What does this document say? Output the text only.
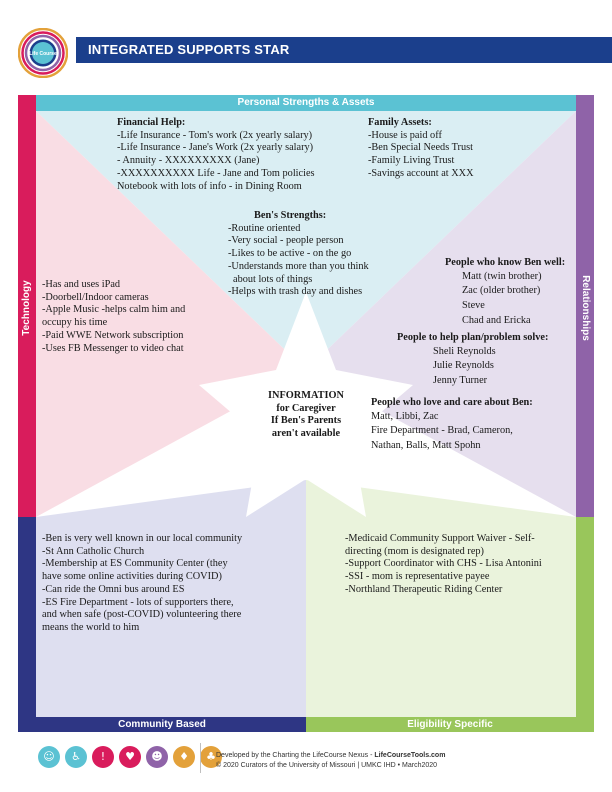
Life Course	INTEGRATED SUPPORTS STAR
Personal Strengths & Assets
Technology	Relationships
Community Based	Eligibility Specific
Financial Help:
-Life Insurance - Tom's work (2x yearly salary)
-Life Insurance - Jane's Work (2x yearly salary)
- Annuity - XXXXXXXXX (Jane)
-XXXXXXXXXX Life - Jane and Tom policies
Notebook with lots of info - in Dining Room
Family Assets:
-House is paid off
-Ben Special Needs Trust
-Family Living Trust
-Savings account at XXX
Ben's Strengths:
-Routine oriented
-Very social - people person
-Likes to be active - on the go
-Understands more than you think
about lots of things
-Helps with trash day and dishes
-Has and uses iPad
-Doorbell/Indoor cameras
-Apple Music -helps calm him and
occupy his time
-Paid WWE Network subscription
-Uses FB Messenger to video chat
People who know Ben well:
Matt (twin brother)
Zac (older brother)
Steve
Chad and Ericka
People to help plan/problem solve:
Sheli Reynolds
Julie Reynolds
Jenny Turner
People who love and care about Ben:
Matt, Libbi, Zac
Fire Department - Brad, Cameron,
Nathan, Balls, Matt Spohn
INFORMATION
for Caregiver
If Ben's Parents
aren't available
-Ben is very well known in our local community
-St Ann Catholic Church
-Membership at ES Community Center (they
have some online activities during COVID)
-Can ride the Omni bus around ES
-ES Fire Department - lots of supporters there,
and when safe (post-COVID) volunteering there
means the world to him
-Medicaid Community Support Waiver - Self-
directing (mom is designated rep)
-Support Coordinator with CHS - Lisa Antonini
-SSI - mom is representative payee
-Northland Therapeutic Riding Center
☺	♿	!	♥	☻	♦	♣ Developed by the Charting the LifeCourse Nexus - LifeCourseTools.com
© 2020 Curators of the University of Missouri | UMKC IHD • March2020
